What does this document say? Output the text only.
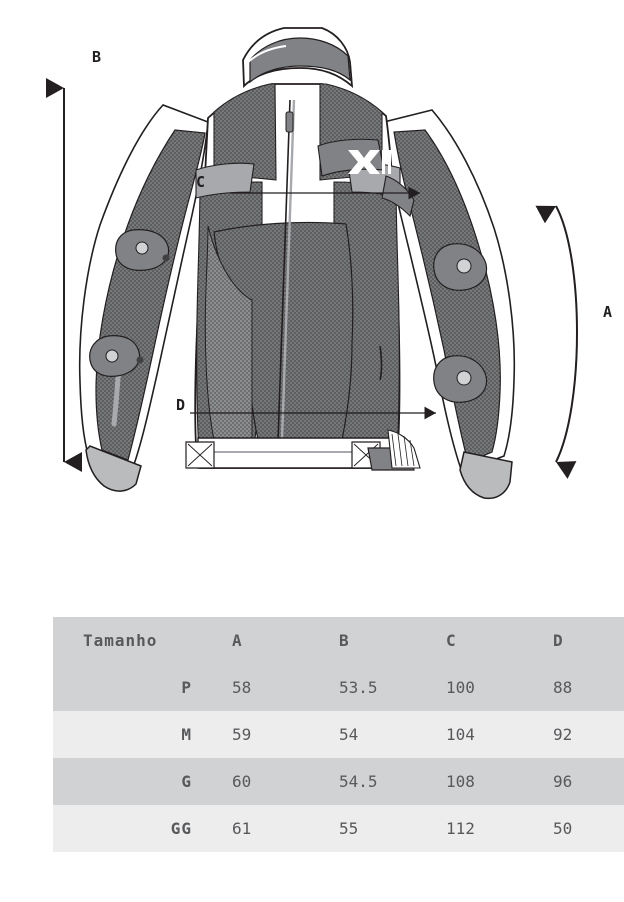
B
A
C
D
Tamanho	A	B	C	D
P	58	53.5	100	88
M	59	54	104	92
G	60	54.5	108	96
GG	61	55	112	50
